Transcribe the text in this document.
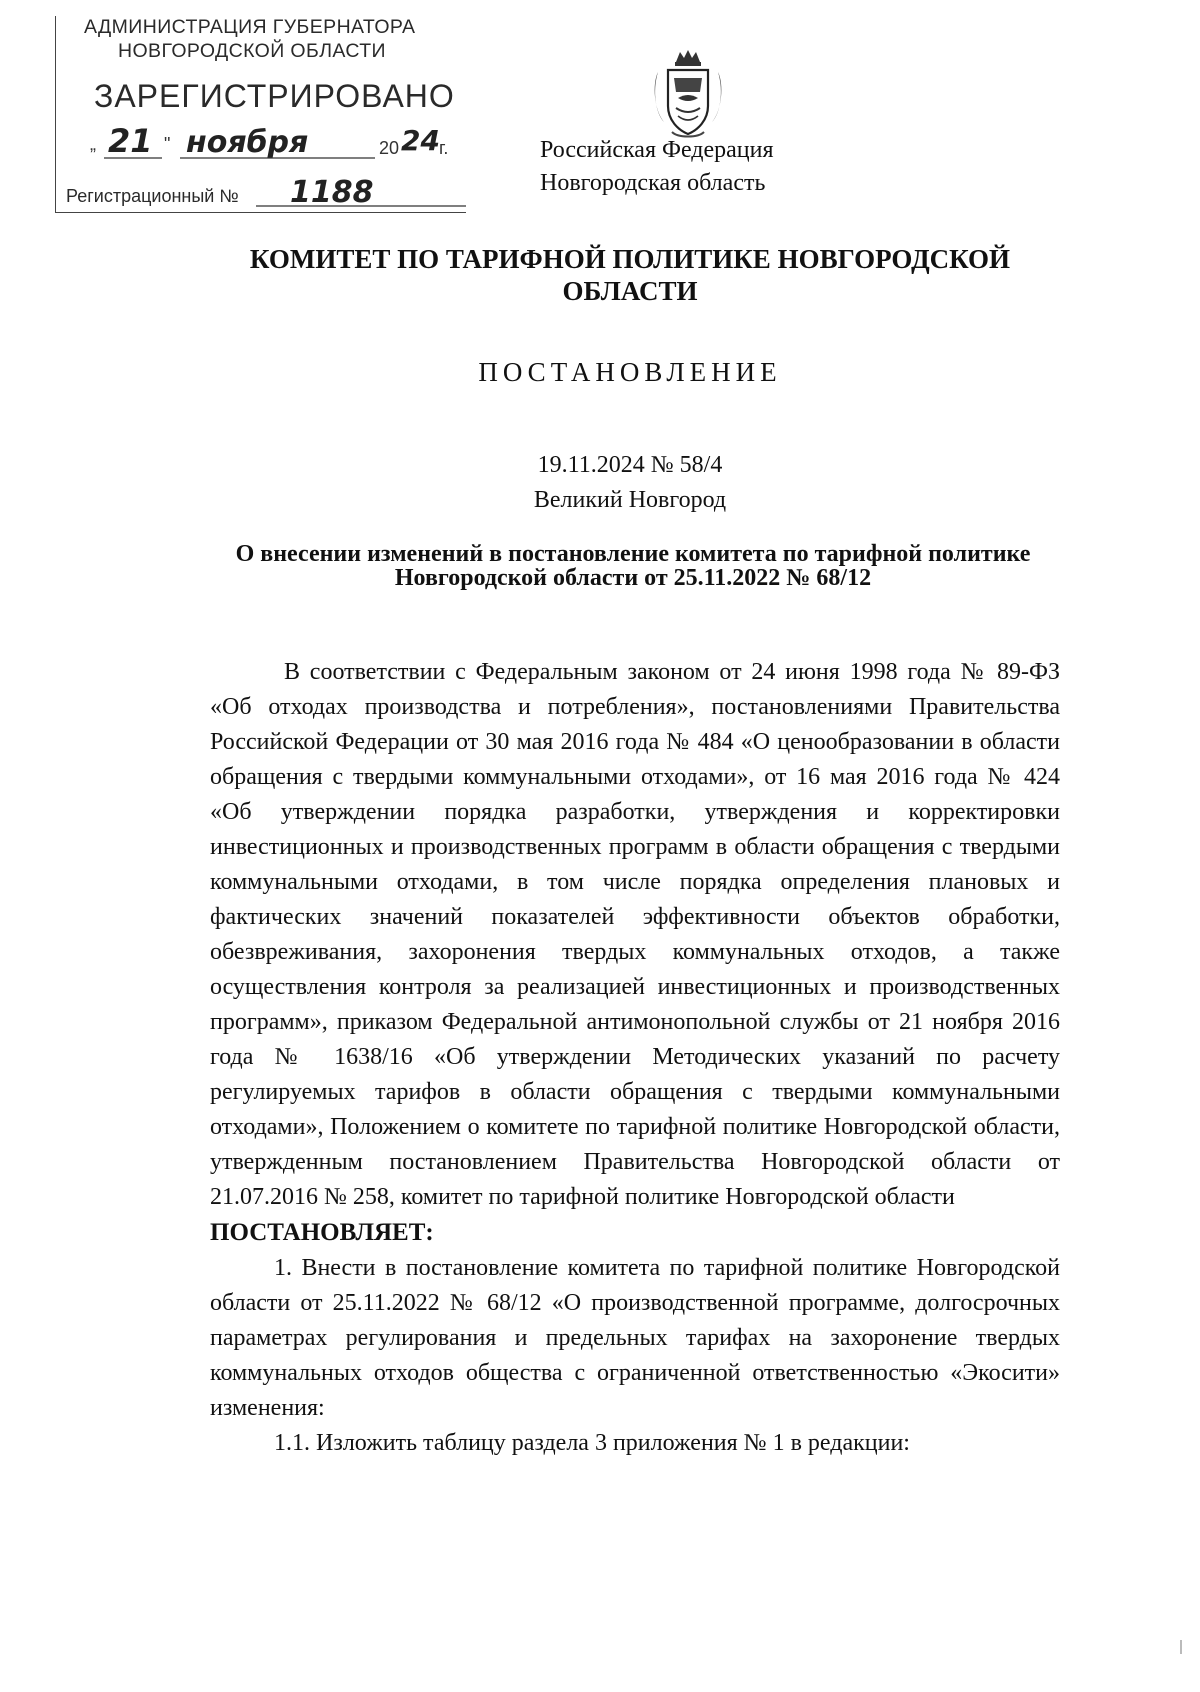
АДМИНИСТРАЦИЯ ГУБЕРНАТОРА
НОВГОРОДСКОЙ ОБЛАСТИ
ЗАРЕГИСТРИРОВАНО
„ 21 " ноября	20 24 г.
Регистрационный № 1188
Российская Федерация
Новгородская область
КОМИТЕТ ПО ТАРИФНОЙ ПОЛИТИКЕ НОВГОРОДСКОЙ
ОБЛАСТИ
ПОСТАНОВЛЕНИЕ
19.11.2024 № 58/4
Великий Новгород
О внесении изменений в постановление комитета по тарифной политике
Новгородской области от 25.11.2022 № 68/12

В соответствии с Федеральным законом от 24 июня 1998 года № 89-ФЗ «Об отходах производства и потребления», постановлениями Правительства Российской Федерации от 30 мая 2016 года № 484 «О ценообразовании в области обращения с твердыми коммунальными отходами», от 16 мая 2016 года № 424 «Об утверждении порядка разработки, утверждения и корректировки инвестиционных и производственных программ в области обращения с твердыми коммунальными отходами, в том числе порядка определения плановых и фактических значений показателей эффективности объектов обработки, обезвреживания, захоронения твердых коммунальных отходов, а также осуществления контроля за реализацией инвестиционных и производственных программ», приказом Федеральной антимонопольной службы от 21 ноября 2016 года № 1638/16 «Об утверждении Методических указаний по расчету регулируемых тарифов в области обращения с твердыми коммунальными отходами», Положением о комитете по тарифной политике Новгородской области, утвержденным постановлением Правительства Новгородской области от 21.07.2016 № 258, комитет по тарифной политике Новгородской области

ПОСТАНОВЛЯЕТ:

1. Внести в постановление комитета по тарифной политике Новгородской области от 25.11.2022 № 68/12 «О производственной программе, долгосрочных параметрах регулирования и предельных тарифах на захоронение твердых коммунальных отходов общества с ограниченной ответственностью «Экосити» изменения:

1.1. Изложить таблицу раздела 3 приложения № 1 в редакции:
